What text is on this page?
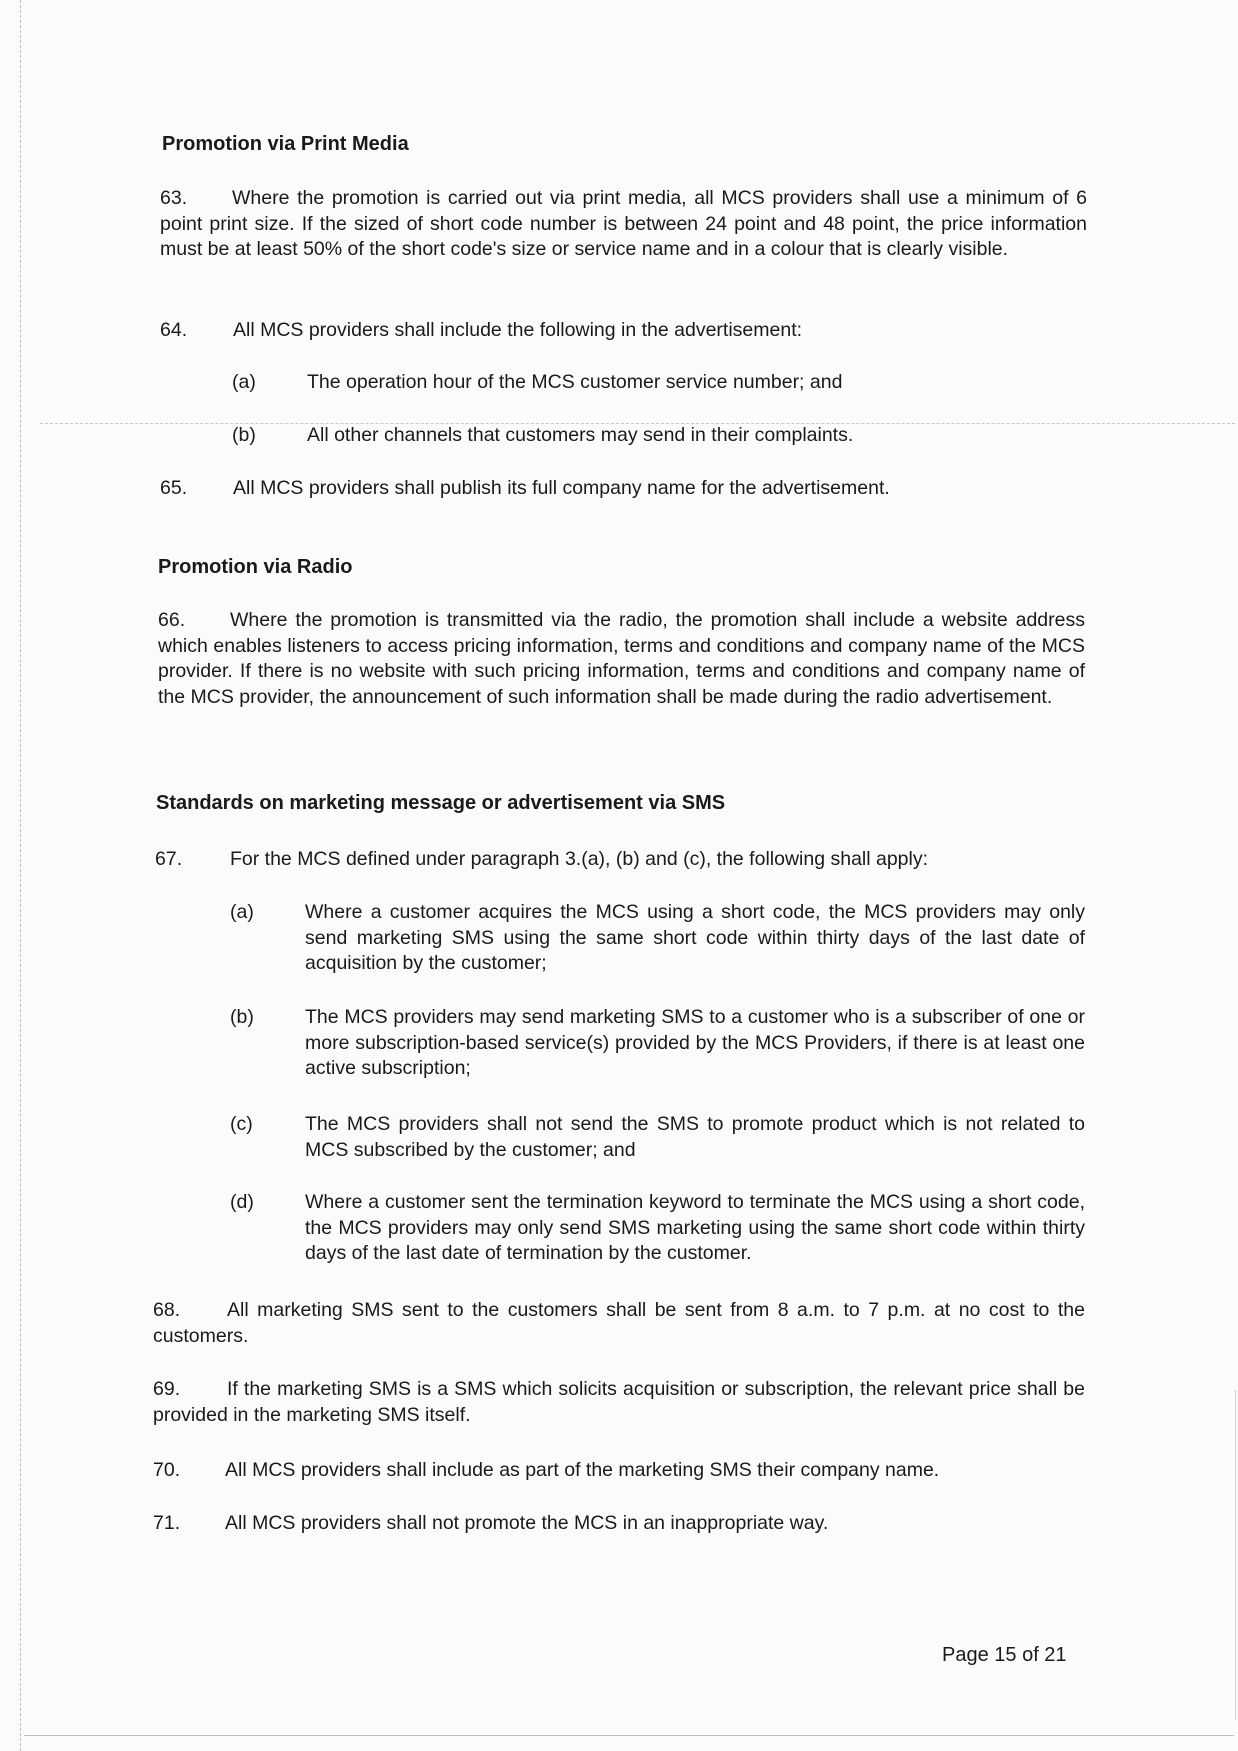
Promotion via Print Media

63. Where the promotion is carried out via print media, all MCS providers shall use a minimum of 6 point print size. If the sized of short code number is between 24 point and 48 point, the price information must be at least 50% of the short code's size or service name and in a colour that is clearly visible.

64. All MCS providers shall include the following in the advertisement:

(a)	The operation hour of the MCS customer service number; and
(b)	All other channels that customers may send in their complaints.

65. All MCS providers shall publish its full company name for the advertisement.

Promotion via Radio

66. Where the promotion is transmitted via the radio, the promotion shall include a website address which enables listeners to access pricing information, terms and conditions and company name of the MCS provider. If there is no website with such pricing information, terms and conditions and company name of the MCS provider, the announcement of such information shall be made during the radio advertisement.

Standards on marketing message or advertisement via SMS

67. For the MCS defined under paragraph 3.(a), (b) and (c), the following shall apply:

(a)	Where a customer acquires the MCS using a short code, the MCS providers may only send marketing SMS using the same short code within thirty days of the last date of acquisition by the customer;
(b)	The MCS providers may send marketing SMS to a customer who is a subscriber of one or more subscription-based service(s) provided by the MCS Providers, if there is at least one active subscription;
(c)	The MCS providers shall not send the SMS to promote product which is not related to MCS subscribed by the customer; and
(d)	Where a customer sent the termination keyword to terminate the MCS using a short code, the MCS providers may only send SMS marketing using the same short code within thirty days of the last date of termination by the customer.

68. All marketing SMS sent to the customers shall be sent from 8 a.m. to 7 p.m. at no cost to the customers.

69. If the marketing SMS is a SMS which solicits acquisition or subscription, the relevant price shall be provided in the marketing SMS itself.

70. All MCS providers shall include as part of the marketing SMS their company name.

71. All MCS providers shall not promote the MCS in an inappropriate way.

Page 15 of 21
